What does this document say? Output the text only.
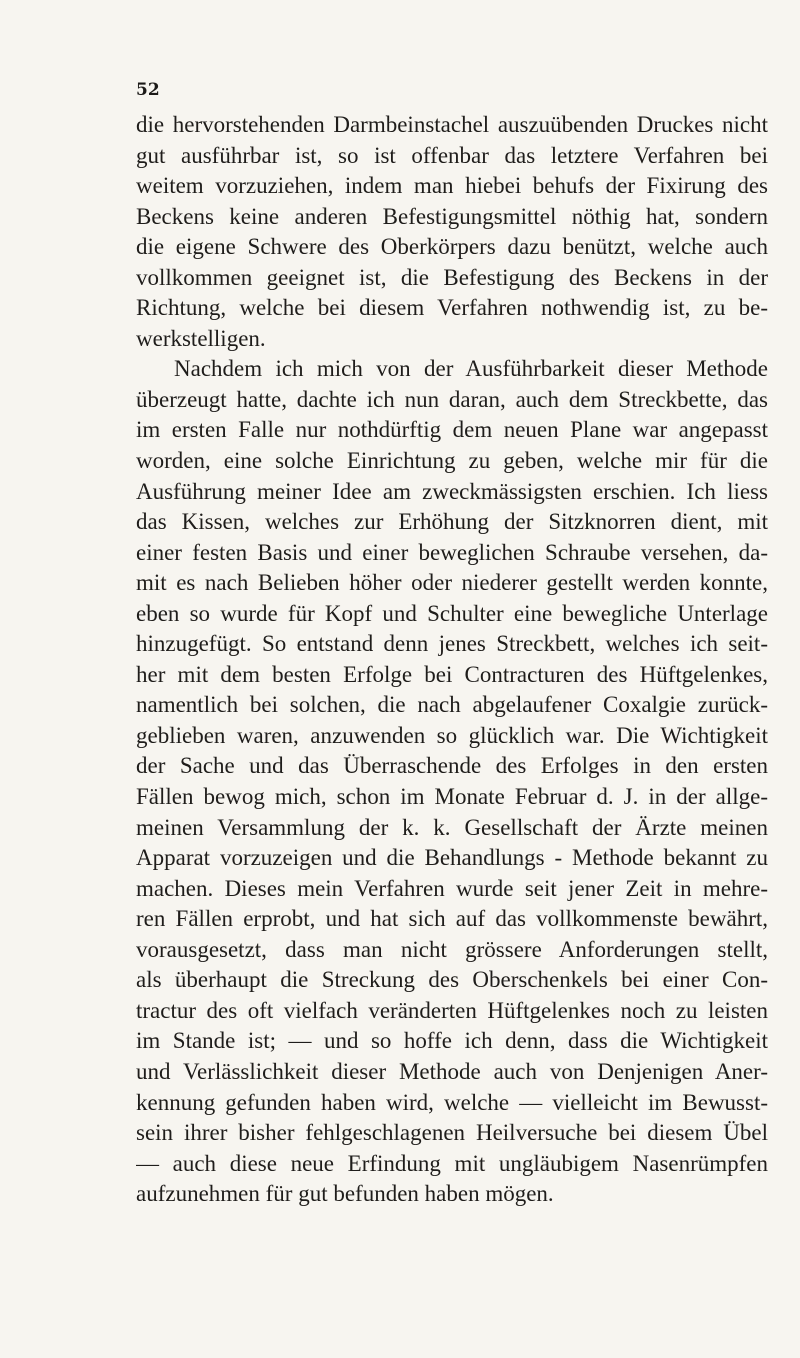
52
die hervorstehenden Darmbeinstachel auszuübenden Druckes nicht
gut ausführbar ist, so ist offenbar das letztere Verfahren bei
weitem vorzuziehen, indem man hiebei behufs der Fixirung des
Beckens keine anderen Befestigungsmittel nöthig hat, sondern
die eigene Schwere des Oberkörpers dazu benützt, welche auch
vollkommen geeignet ist, die Befestigung des Beckens in der
Richtung, welche bei diesem Verfahren nothwendig ist, zu be-
werkstelligen.
Nachdem ich mich von der Ausführbarkeit dieser Methode
überzeugt hatte, dachte ich nun daran, auch dem Streckbette, das
im ersten Falle nur nothdürftig dem neuen Plane war angepasst
worden, eine solche Einrichtung zu geben, welche mir für die
Ausführung meiner Idee am zweckmässigsten erschien. Ich liess
das Kissen, welches zur Erhöhung der Sitzknorren dient, mit
einer festen Basis und einer beweglichen Schraube versehen, da-
mit es nach Belieben höher oder niederer gestellt werden konnte,
eben so wurde für Kopf und Schulter eine bewegliche Unterlage
hinzugefügt. So entstand denn jenes Streckbett, welches ich seit-
her mit dem besten Erfolge bei Contracturen des Hüftgelenkes,
namentlich bei solchen, die nach abgelaufener Coxalgie zurück-
geblieben waren, anzuwenden so glücklich war. Die Wichtigkeit
der Sache und das Überraschende des Erfolges in den ersten
Fällen bewog mich, schon im Monate Februar d. J. in der allge-
meinen Versammlung der k. k. Gesellschaft der Ärzte meinen
Apparat vorzuzeigen und die Behandlungs - Methode bekannt zu
machen. Dieses mein Verfahren wurde seit jener Zeit in mehre-
ren Fällen erprobt, und hat sich auf das vollkommenste bewährt,
vorausgesetzt, dass man nicht grössere Anforderungen stellt,
als überhaupt die Streckung des Oberschenkels bei einer Con-
tractur des oft vielfach veränderten Hüftgelenkes noch zu leisten
im Stande ist; — und so hoffe ich denn, dass die Wichtigkeit
und Verlässlichkeit dieser Methode auch von Denjenigen Aner-
kennung gefunden haben wird, welche — vielleicht im Bewusst-
sein ihrer bisher fehlgeschlagenen Heilversuche bei diesem Übel
— auch diese neue Erfindung mit ungläubigem Nasenrümpfen
aufzunehmen für gut befunden haben mögen.
